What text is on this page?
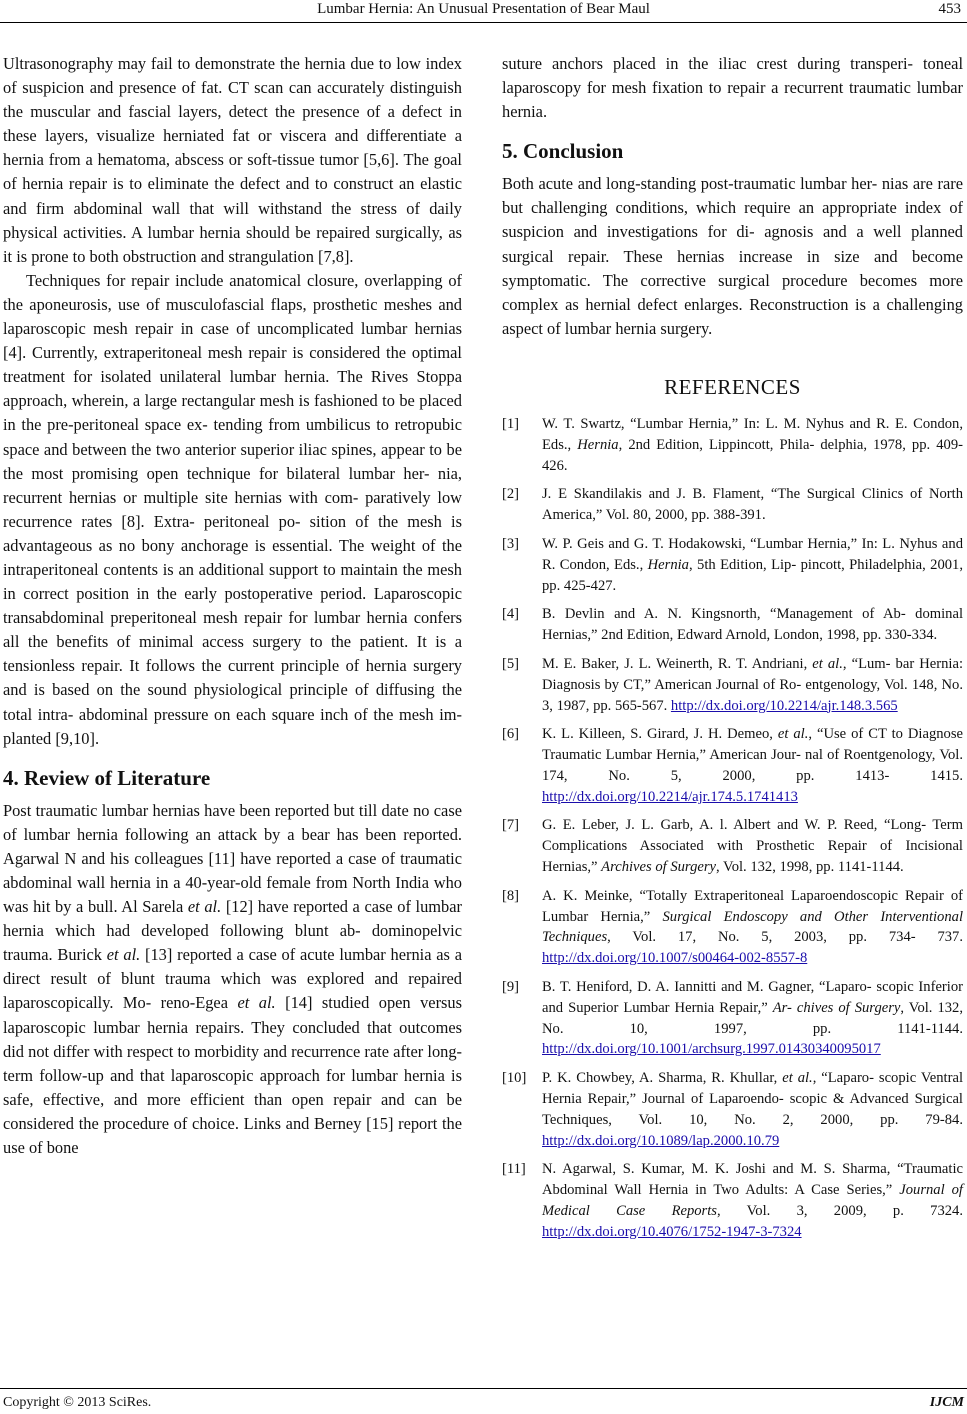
Lumbar Hernia: An Unusual Presentation of Bear Maul	453

Ultrasonography may fail to demonstrate the hernia due to low index of suspicion and presence of fat. CT scan can accurately distinguish the muscular and fascial layers, detect the presence of a defect in these layers, visualize herniated fat or viscera and differentiate a hernia from a hematoma, abscess or soft-tissue tumor [5,6]. The goal of hernia repair is to eliminate the defect and to construct an elastic and firm abdominal wall that will withstand the stress of daily physical activities. A lumbar hernia should be repaired surgically, as it is prone to both obstruction and strangulation [7,8].

Techniques for repair include anatomical closure, overlapping of the aponeurosis, use of musculofascial flaps, prosthetic meshes and laparoscopic mesh repair in case of uncomplicated lumbar hernias [4]. Currently, extraperitoneal mesh repair is considered the optimal treatment for isolated unilateral lumbar hernia. The Rives Stoppa approach, wherein, a large rectangular mesh is fashioned to be placed in the pre-peritoneal space ex- tending from umbilicus to retropubic space and between the two anterior superior iliac spines, appear to be the most promising open technique for bilateral lumbar her- nia, recurrent hernias or multiple site hernias with com- paratively low recurrence rates [8]. Extra- peritoneal po- sition of the mesh is advantageous as no bony anchorage is essential. The weight of the intraperitoneal contents is an additional support to maintain the mesh in correct position in the early postoperative period. Laparoscopic transabdominal preperitoneal mesh repair for lumbar hernia confers all the benefits of minimal access surgery to the patient. It is a tensionless repair. It follows the current principle of hernia surgery and is based on the sound physiological principle of diffusing the total intra- abdominal pressure on each square inch of the mesh im- planted [9,10].

4. Review of Literature

Post traumatic lumbar hernias have been reported but till date no case of lumbar hernia following an attack by a bear has been reported. Agarwal N and his colleagues [11] have reported a case of traumatic abdominal wall hernia in a 40-year-old female from North India who was hit by a bull. Al Sarela et al. [12] have reported a case of lumbar hernia which had developed following blunt ab- dominopelvic trauma. Burick et al. [13] reported a case of acute lumbar hernia as a direct result of blunt trauma which was explored and repaired laparoscopically. Mo- reno-Egea et al. [14] studied open versus laparoscopic lumbar hernia repairs. They concluded that outcomes did not differ with respect to morbidity and recurrence rate after long-term follow-up and that laparoscopic approach for lumbar hernia is safe, effective, and more efficient than open repair and can be considered the procedure of choice. Links and Berney [15] report the use of bone

suture anchors placed in the iliac crest during transperi- toneal laparoscopy for mesh fixation to repair a recurrent traumatic lumbar hernia.

5. Conclusion

Both acute and long-standing post-traumatic lumbar her- nias are rare but challenging conditions, which require an appropriate index of suspicion and investigations for di- agnosis and a well planned surgical repair. These hernias increase in size and become symptomatic. The corrective surgical procedure becomes more complex as hernial defect enlarges. Reconstruction is a challenging aspect of lumbar hernia surgery.

REFERENCES
[1]	W. T. Swartz, “Lumbar Hernia,” In: L. M. Nyhus and R. E. Condon, Eds., Hernia, 2nd Edition, Lippincott, Phila- delphia, 1978, pp. 409-426.
[2]	J. E Skandilakis and J. B. Flament, “The Surgical Clinics of North America,” Vol. 80, 2000, pp. 388-391.
[3]	W. P. Geis and G. T. Hodakowski, “Lumbar Hernia,” In: L. Nyhus and R. Condon, Eds., Hernia, 5th Edition, Lip- pincott, Philadelphia, 2001, pp. 425-427.
[4]	B. Devlin and A. N. Kingsnorth, “Management of Ab- dominal Hernias,” 2nd Edition, Edward Arnold, London, 1998, pp. 330-334.
[5]	M. E. Baker, J. L. Weinerth, R. T. Andriani, et al., “Lum- bar Hernia: Diagnosis by CT,” American Journal of Ro- entgenology, Vol. 148, No. 3, 1987, pp. 565-567. http://dx.doi.org/10.2214/ajr.148.3.565
[6]	K. L. Killeen, S. Girard, J. H. Demeo, et al., “Use of CT to Diagnose Traumatic Lumbar Hernia,” American Jour- nal of Roentgenology, Vol. 174, No. 5, 2000, pp. 1413- 1415. http://dx.doi.org/10.2214/ajr.174.5.1741413
[7]	G. E. Leber, J. L. Garb, A. l. Albert and W. P. Reed, “Long- Term Complications Associated with Prosthetic Repair of Incisional Hernias,” Archives of Surgery, Vol. 132, 1998, pp. 1141-1144.
[8]	A. K. Meinke, “Totally Extraperitoneal Laparoendoscopic Repair of Lumbar Hernia,” Surgical Endoscopy and Other Interventional Techniques, Vol. 17, No. 5, 2003, pp. 734- 737. http://dx.doi.org/10.1007/s00464-002-8557-8
[9]	B. T. Heniford, D. A. Iannitti and M. Gagner, “Laparo- scopic Inferior and Superior Lumbar Hernia Repair,” Ar- chives of Surgery, Vol. 132, No. 10, 1997, pp. 1141-1144. http://dx.doi.org/10.1001/archsurg.1997.01430340095017
[10]	P. K. Chowbey, A. Sharma, R. Khullar, et al., “Laparo- scopic Ventral Hernia Repair,” Journal of Laparoendo- scopic & Advanced Surgical Techniques, Vol. 10, No. 2, 2000, pp. 79-84. http://dx.doi.org/10.1089/lap.2000.10.79
[11]	N. Agarwal, S. Kumar, M. K. Joshi and M. S. Sharma, “Traumatic Abdominal Wall Hernia in Two Adults: A Case Series,” Journal of Medical Case Reports, Vol. 3, 2009, p. 7324. http://dx.doi.org/10.4076/1752-1947-3-7324
Copyright © 2013 SciRes.	IJCM
